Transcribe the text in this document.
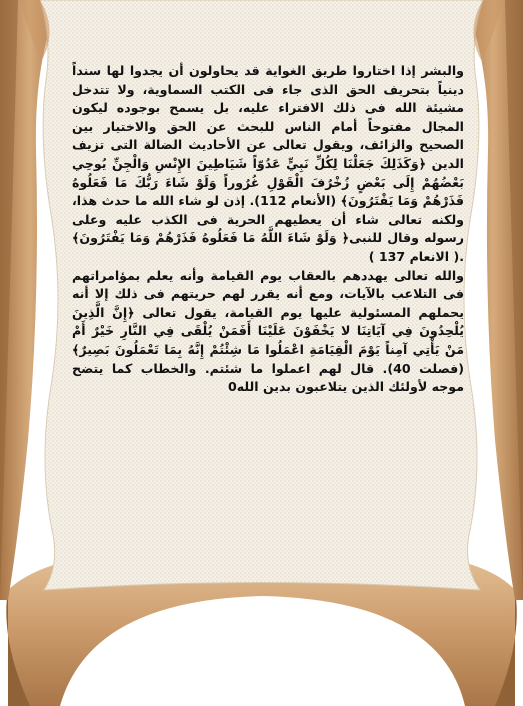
والبشر إذا اختاروا طريق الغواية قد يحاولون أن يجدوا لها سنداً دينياً بتحريف الحق الذى جاء فى الكتب السماوية، ولا تتدخل مشيئة الله فى ذلك الافتراء عليه، بل يسمح بوجوده ليكون المجال مفتوحاً أمام الناس للبحث عن الحق والاختيار بين الصحيح والزائف، ويقول تعالى عن الأحاديث الضالة التى تزيف الدين ﴿وَكَذَلِكَ جَعَلْنَا لِكُلِّ نَبِيٍّ عَدُوّاً شَيَاطِينَ الإِنْسِ وَالْجِنِّ يُوحِي بَعْضُهُمْ إِلَى بَعْضٍ زُخْرُفَ الْقَوْلِ غُرُوراً وَلَوْ شَاءَ رَبُّكَ مَا فَعَلُوهُ فَذَرْهُمْ وَمَا يَفْتَرُونَ﴾ (الأنعام 112). إذن لو شاء الله ما حدث هذا، ولكنه تعالى شاء أن يعطيهم الحرية فى الكذب عليه وعلى رسوله وقال للنبى﴿ وَلَوْ شَاءَ اللَّهُ مَا فَعَلُوهُ فَذَرْهُمْ وَمَا يَفْتَرُونَ﴾ .( الانعام 137 )

والله تعالى يهددهم بالعقاب يوم القيامة وأنه يعلم بمؤامراتهم فى التلاعب بالآيات، ومع أنه يقرر لهم حريتهم فى ذلك إلا أنه يحملهم المسئولية عليها يوم القيامة، يقول تعالى ﴿إِنَّ الَّذِينَ يُلْحِدُونَ فِي آيَاتِنَا لا يَخْفَوْنَ عَلَيْنَا أَفَمَنْ يُلْقَى فِي النَّارِ خَيْرٌ أَمْ مَنْ يَأْتِي آمِناً يَوْمَ الْقِيَامَةِ اعْمَلُوا مَا شِئْتُمْ إِنَّهُ بِمَا تَعْمَلُونَ بَصِيرٌ﴾ (فصلت 40). قال لهم اعملوا ما شئتم. والخطاب كما يتضح موجه لأولئك الذين يتلاعبون بدين الله0
